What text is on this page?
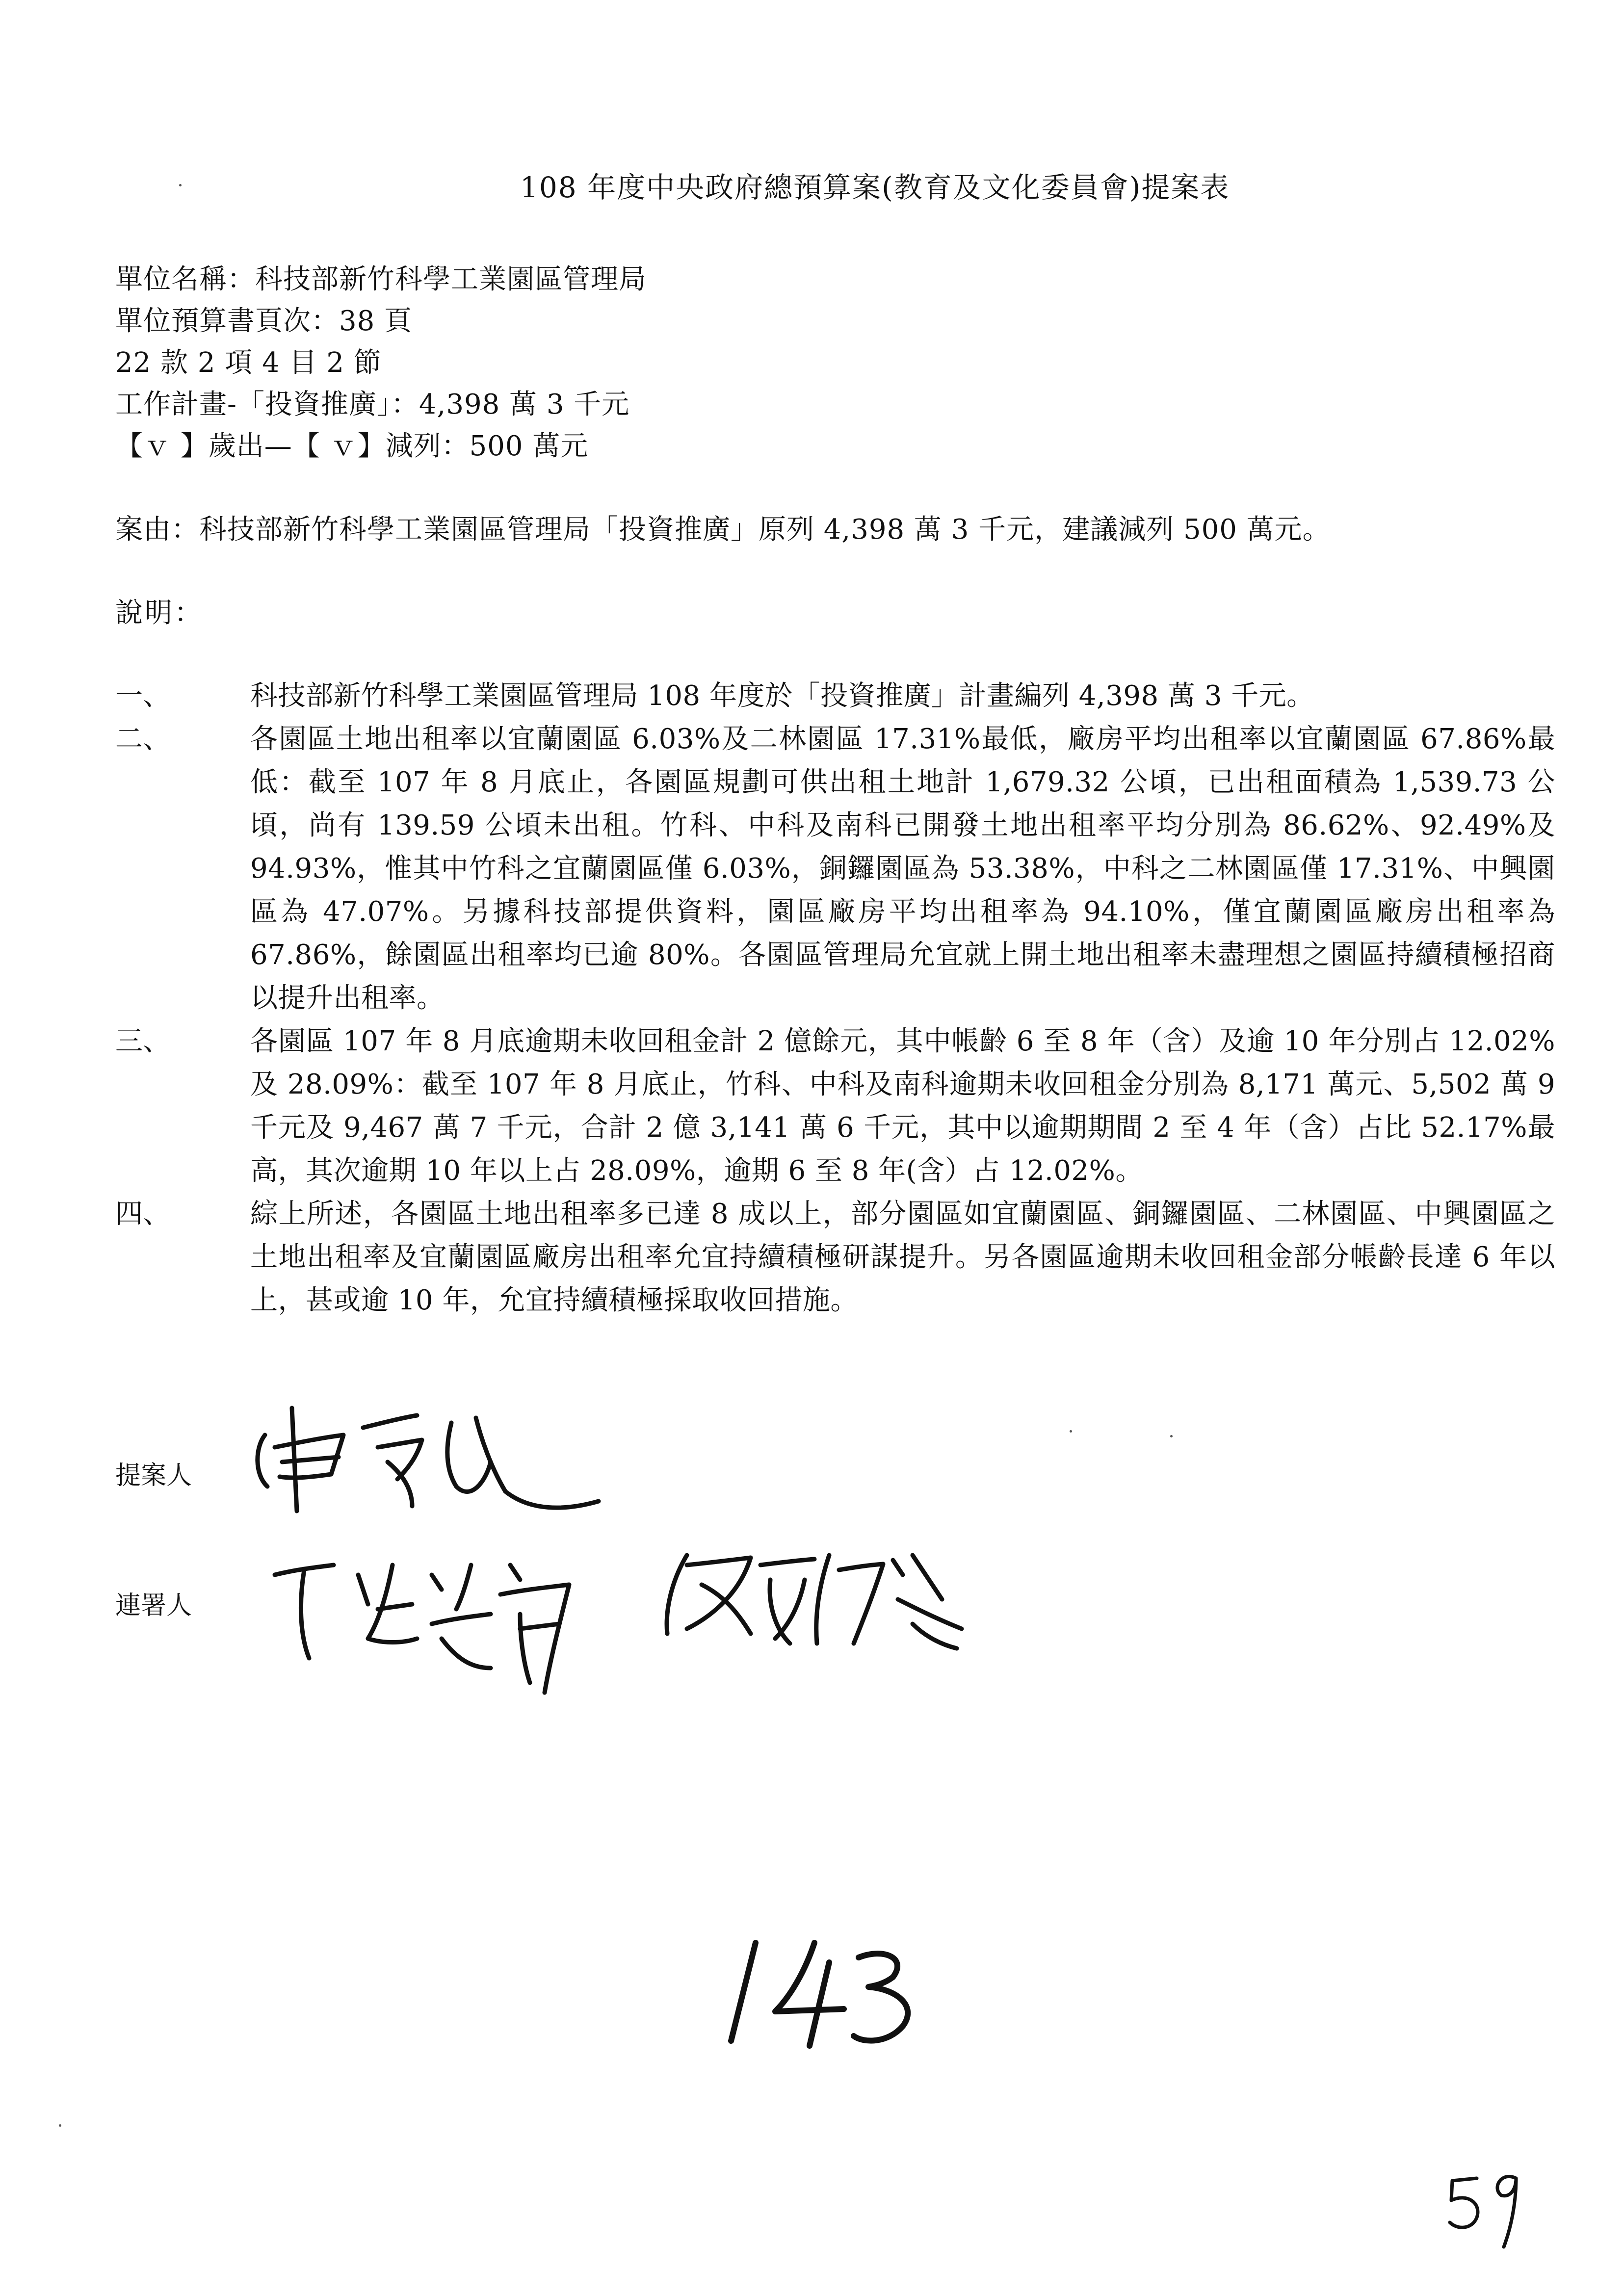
108 年度中央政府總預算案(教育及文化委員會)提案表
單位名稱：科技部新竹科學工業園區管理局
單位預算書頁次：38 頁
22 款 2 項 4 目 2 節
工作計畫-「投資推廣」：4,398 萬 3 千元
【ｖ 】歲出—【 ｖ】減列：500 萬元
案由：科技部新竹科學工業園區管理局「投資推廣」原列 4,398 萬 3 千元，建議減列 500 萬元。
說明：
一、	科技部新竹科學工業園區管理局 108 年度於「投資推廣」計畫編列 4,398 萬 3 千元。
二、	各園區土地出租率以宜蘭園區 6.03%及二林園區 17.31%最低，廠房平均出租率以宜蘭園區 67.86%最低：截至 107 年 8 月底止，各園區規劃可供出租土地計 1,679.32 公頃，已出租面積為 1,539.73 公頃，尚有 139.59 公頃未出租。竹科、中科及南科已開發土地出租率平均分別為 86.62%、92.49%及 94.93%，惟其中竹科之宜蘭園區僅 6.03%，銅鑼園區為 53.38%，中科之二林園區僅 17.31%、中興園區為 47.07%。另據科技部提供資料，園區廠房平均出租率為 94.10%，僅宜蘭園區廠房出租率為 67.86%，餘園區出租率均已逾 80%。各園區管理局允宜就上開土地出租率未盡理想之園區持續積極招商以提升出租率。
三、	各園區 107 年 8 月底逾期未收回租金計 2 億餘元，其中帳齡 6 至 8 年（含）及逾 10 年分別占 12.02%及 28.09%：截至 107 年 8 月底止，竹科、中科及南科逾期未收回租金分別為 8,171 萬元、5,502 萬 9 千元及 9,467 萬 7 千元，合計 2 億 3,141 萬 6 千元，其中以逾期期間 2 至 4 年（含）占比 52.17%最高，其次逾期 10 年以上占 28.09%，逾期 6 至 8 年(含）占 12.02%。
四、	綜上所述，各園區土地出租率多已達 8 成以上，部分園區如宜蘭園區、銅鑼園區、二林園區、中興園區之土地出租率及宜蘭園區廠房出租率允宜持續積極研謀提升。另各園區逾期未收回租金部分帳齡長達 6 年以上，甚或逾 10 年，允宜持續積極採取收回措施。
提案人
連署人
